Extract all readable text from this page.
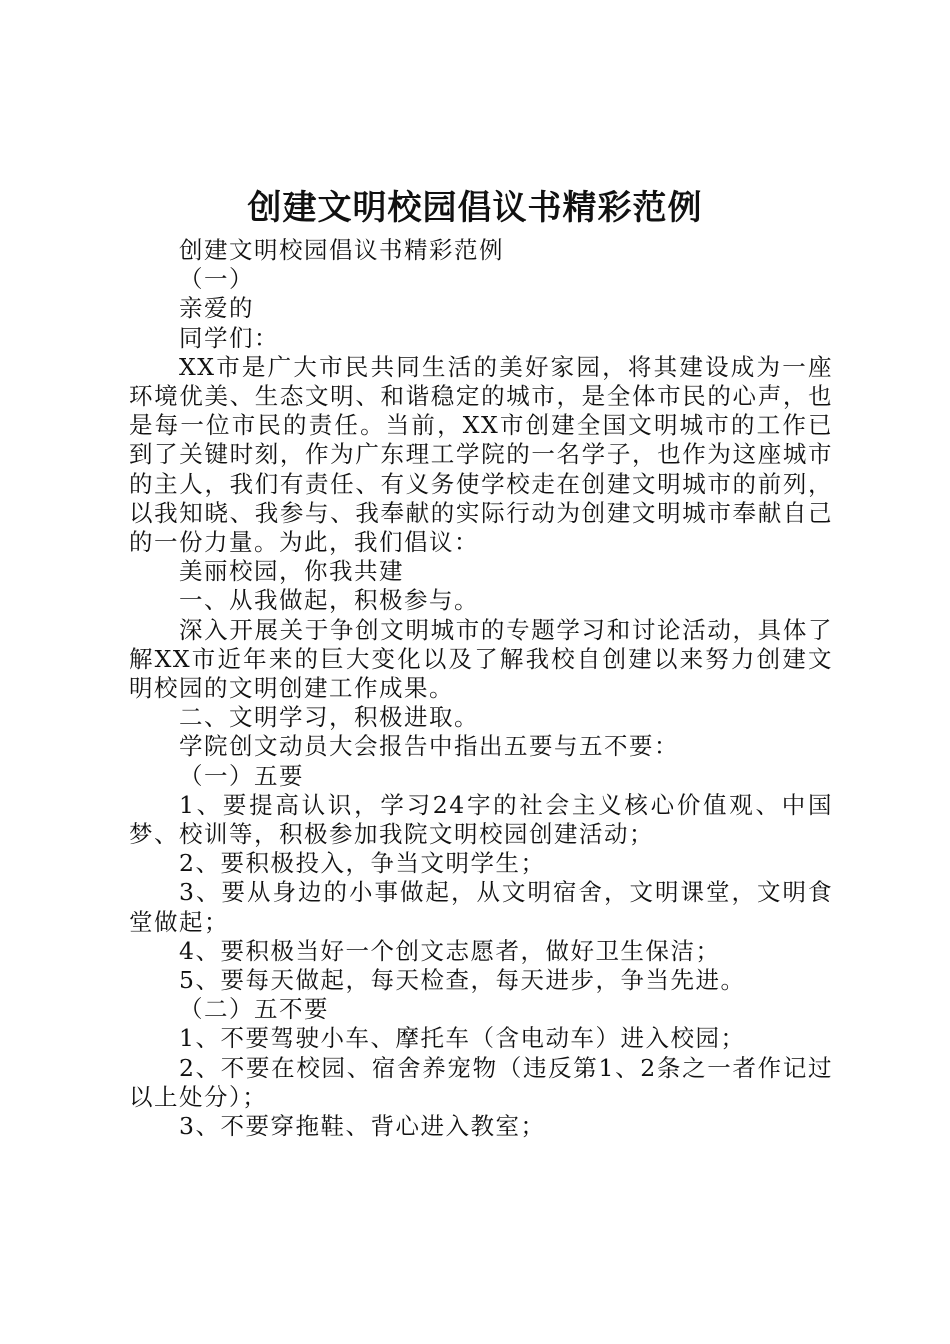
创建文明校园倡议书精彩范例

创建文明校园倡议书精彩范例

（一）

亲爱的

同学们：

XX市是广大市民共同生活的美好家园，将其建设成为一座环境优美、生态文明、和谐稳定的城市，是全体市民的心声，也是每一位市民的责任。当前，XX市创建全国文明城市的工作已到了关键时刻，作为广东理工学院的一名学子，也作为这座城市的主人，我们有责任、有义务使学校走在创建文明城市的前列，以我知晓、我参与、我奉献的实际行动为创建文明城市奉献自己的一份力量。为此，我们倡议：

美丽校园，你我共建

一、从我做起，积极参与。

深入开展关于争创文明城市的专题学习和讨论活动，具体了解XX市近年来的巨大变化以及了解我校自创建以来努力创建文明校园的文明创建工作成果。

二、文明学习，积极进取。

学院创文动员大会报告中指出五要与五不要：

（一）五要

1、要提高认识，学习24字的社会主义核心价值观、中国梦、校训等，积极参加我院文明校园创建活动；

2、要积极投入，争当文明学生；

3、要从身边的小事做起，从文明宿舍，文明课堂，文明食堂做起；

4、要积极当好一个创文志愿者，做好卫生保洁；

5、要每天做起，每天检查，每天进步，争当先进。

（二）五不要

1、不要驾驶小车、摩托车（含电动车）进入校园；

2、不要在校园、宿舍养宠物（违反第1、2条之一者作记过以上处分）；

3、不要穿拖鞋、背心进入教室；
